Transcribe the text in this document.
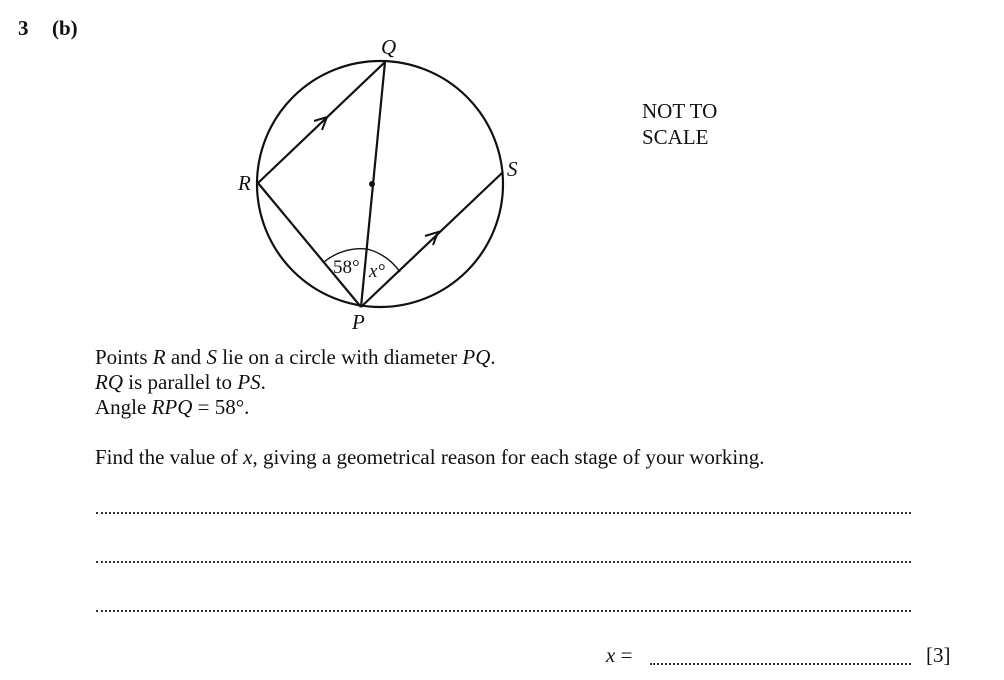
3 (b)
Q
R
S
P
58° x°
NOT TO
SCALE
Points R and S lie on a circle with diameter PQ.
RQ is parallel to PS.
Angle RPQ = 58°.
Find the value of x, giving a geometrical reason for each stage of your working.
x =	[3]
